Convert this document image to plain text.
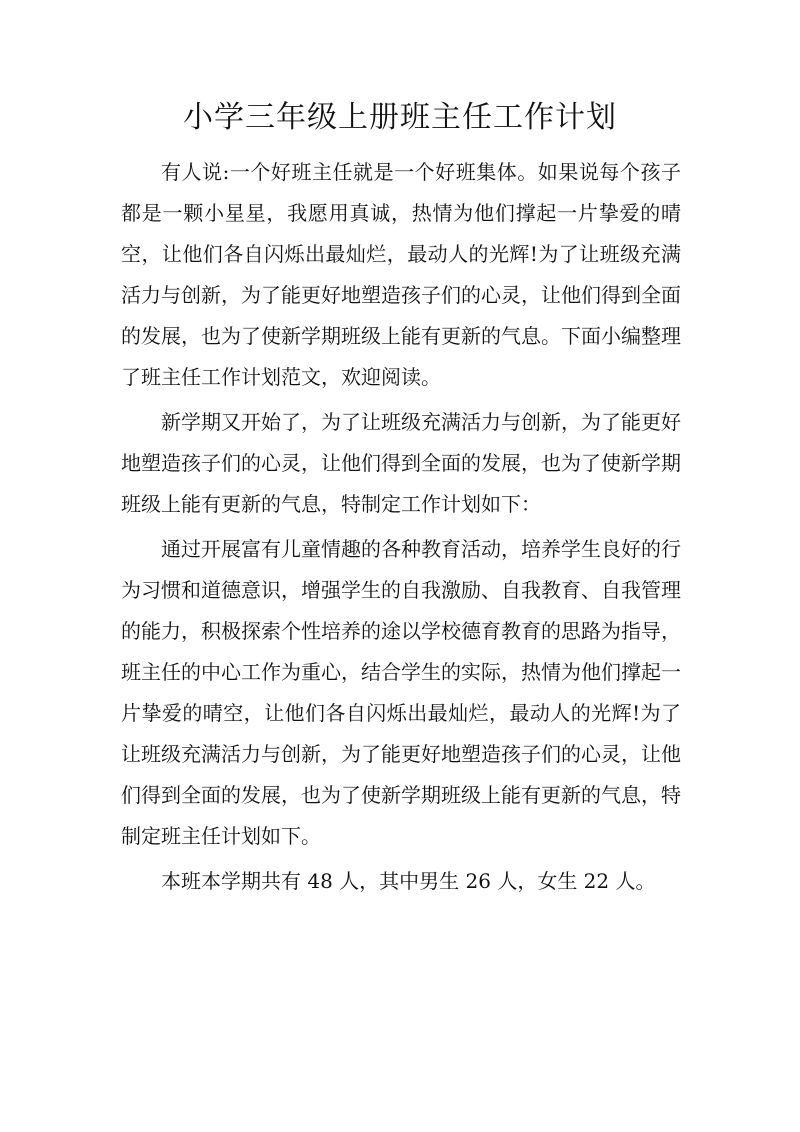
小学三年级上册班主任工作计划

有人说:一个好班主任就是一个好班集体。如果说每个孩子都是一颗小星星，我愿用真诚，热情为他们撑起一片挚爱的晴空，让他们各自闪烁出最灿烂，最动人的光辉!为了让班级充满活力与创新，为了能更好地塑造孩子们的心灵，让他们得到全面的发展，也为了使新学期班级上能有更新的气息。下面小编整理了班主任工作计划范文，欢迎阅读。

新学期又开始了，为了让班级充满活力与创新，为了能更好地塑造孩子们的心灵，让他们得到全面的发展，也为了使新学期班级上能有更新的气息，特制定工作计划如下：

通过开展富有儿童情趣的各种教育活动，培养学生良好的行为习惯和道德意识，增强学生的自我激励、自我教育、自我管理的能力，积极探索个性培养的途以学校德育教育的思路为指导，班主任的中心工作为重心，结合学生的实际，热情为他们撑起一片挚爱的晴空，让他们各自闪烁出最灿烂，最动人的光辉!为了让班级充满活力与创新，为了能更好地塑造孩子们的心灵，让他们得到全面的发展，也为了使新学期班级上能有更新的气息，特制定班主任计划如下。

本班本学期共有 48 人，其中男生 26 人，女生 22 人。
